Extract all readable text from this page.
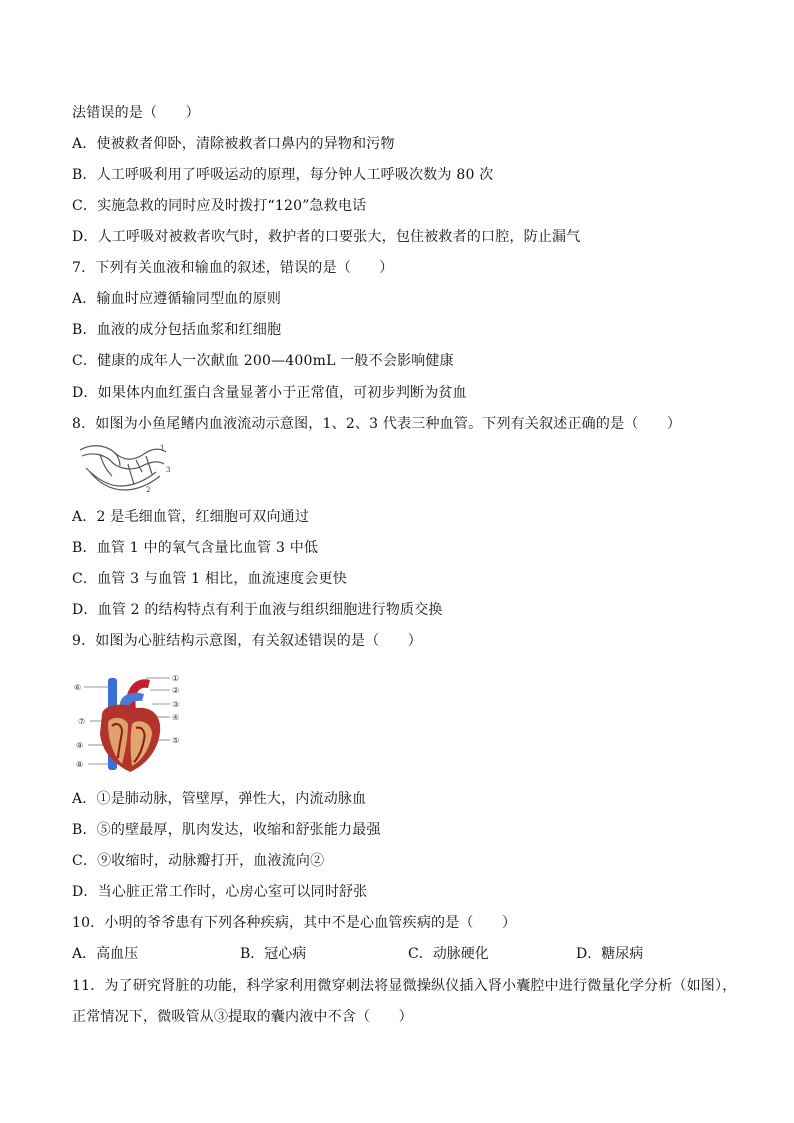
法错误的是（　　）
A．使被救者仰卧，清除被救者口鼻内的异物和污物
B．人工呼吸利用了呼吸运动的原理，每分钟人工呼吸次数为 80 次
C．实施急救的同时应及时拨打“120”急救电话
D．人工呼吸对被救者吹气时，救护者的口要张大，包住被救者的口腔，防止漏气
7．下列有关血液和输血的叙述，错误的是（　　）
A．输血时应遵循输同型血的原则
B．血液的成分包括血浆和红细胞
C．健康的成年人一次献血 200—400mL 一般不会影响健康
D．如果体内血红蛋白含量显著小于正常值，可初步判断为贫血
8．如图为小鱼尾鳍内血液流动示意图，1、2、3 代表三种血管。下列有关叙述正确的是（　　）
1
3
2
A．2 是毛细血管，红细胞可双向通过
B．血管 1 中的氧气含量比血管 3 中低
C．血管 3 与血管 1 相比，血流速度会更快
D．血管 2 的结构特点有利于血液与组织细胞进行物质交换
9．如图为心脏结构示意图，有关叙述错误的是（　　）
①
②
③
④
⑤
⑥
⑦
⑧
⑨
A．①是肺动脉，管壁厚，弹性大，内流动脉血
B．⑤的壁最厚，肌肉发达，收缩和舒张能力最强
C．⑨收缩时，动脉瓣打开，血液流向②
D．当心脏正常工作时，心房心室可以同时舒张
10．小明的爷爷患有下列各种疾病，其中不是心血管疾病的是（　　）
A．高血压	B．冠心病	C．动脉硬化	D．糖尿病
11．为了研究肾脏的功能，科学家利用微穿刺法将显微操纵仪插入肾小囊腔中进行微量化学分析（如图），
正常情况下，微吸管从③提取的囊内液中不含（　　）
